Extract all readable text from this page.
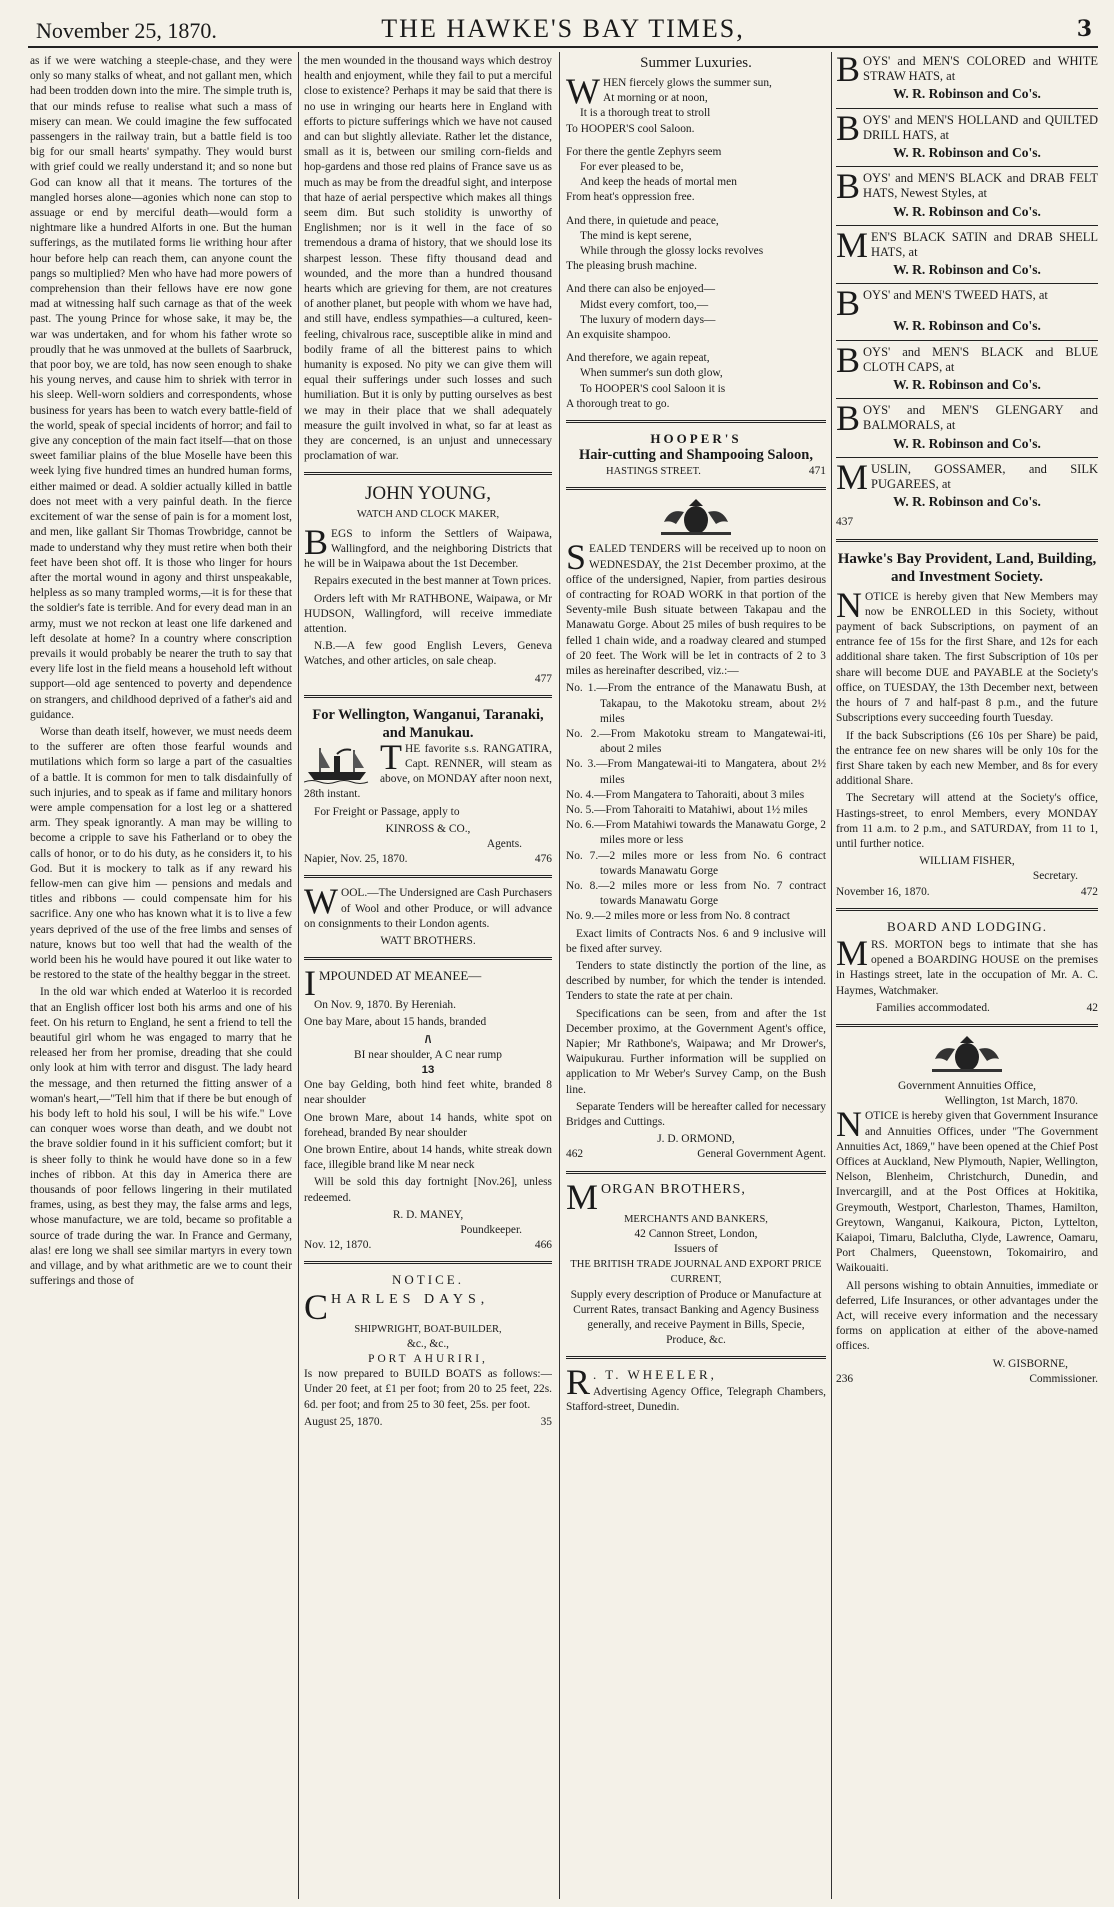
November 25, 1870.	THE HAWKE'S BAY TIMES,	3

as if we were watching a steeple-chase, and they were only so many stalks of wheat, and not gallant men, which had been trodden down into the mire. The simple truth is, that our minds refuse to realise what such a mass of misery can mean. We could imagine the few suffocated passengers in the railway train, but a battle field is too big for our small hearts' sympathy. They would burst with grief could we really understand it; and so none but God can know all that it means. The tortures of the mangled horses alone—agonies which none can stop to assuage or end by merciful death—would form a nightmare like a hundred Alforts in one. But the human sufferings, as the mutilated forms lie writhing hour after hour before help can reach them, can anyone count the pangs so multiplied? Men who have had more powers of comprehension than their fellows have ere now gone mad at witnessing half such carnage as that of the week past. The young Prince for whose sake, it may be, the war was undertaken, and for whom his father wrote so proudly that he was unmoved at the bullets of Saarbruck, that poor boy, we are told, has now seen enough to shake his young nerves, and cause him to shriek with terror in his sleep. Well-worn soldiers and correspondents, whose business for years has been to watch every battle-field of the world, speak of special incidents of horror; and fail to give any conception of the main fact itself—that on those sweet familiar plains of the blue Moselle have been this week lying five hundred times an hundred human forms, either maimed or dead. A soldier actually killed in battle does not meet with a very painful death. In the fierce excitement of war the sense of pain is for a moment lost, and men, like gallant Sir Thomas Trowbridge, cannot be made to understand why they must retire when both their feet have been shot off. It is those who linger for hours after the mortal wound in agony and thirst unspeakable, helpless as so many trampled worms,—it is for these that the soldier's fate is terrible. And for every dead man in an army, must we not reckon at least one life darkened and left desolate at home? In a country where conscription prevails it would probably be nearer the truth to say that every life lost in the field means a household left without support—old age sentenced to poverty and dependence on strangers, and childhood deprived of a father's aid and guidance.

Worse than death itself, however, we must needs deem to the sufferer are often those fearful wounds and mutilations which form so large a part of the casualties of a battle. It is common for men to talk disdainfully of such injuries, and to speak as if fame and military honors were ample compensation for a lost leg or a shattered arm. They speak ignorantly. A man may be willing to become a cripple to save his Fatherland or to obey the calls of honor, or to do his duty, as he considers it, to his God. But it is mockery to talk as if any reward his fellow-men can give him — pensions and medals and titles and ribbons — could compensate him for his sacrifice. Any one who has known what it is to live a few years deprived of the use of the free limbs and senses of nature, knows but too well that had the wealth of the world been his he would have poured it out like water to be restored to the state of the healthy beggar in the street.

In the old war which ended at Waterloo it is recorded that an English officer lost both his arms and one of his feet. On his return to England, he sent a friend to tell the beautiful girl whom he was engaged to marry that he released her from her promise, dreading that she could only look at him with terror and disgust. The lady heard the message, and then returned the fitting answer of a woman's heart,—"Tell him that if there be but enough of his body left to hold his soul, I will be his wife." Love can conquer woes worse than death, and we doubt not the brave soldier found in it his sufficient comfort; but it is sheer folly to think he would have done so in a few inches of ribbon. At this day in America there are thousands of poor fellows lingering in their mutilated frames, using, as best they may, the false arms and legs, whose manufacture, we are told, became so profitable a source of trade during the war. In France and Germany, alas! ere long we shall see similar martyrs in every town and village, and by what arithmetic are we to count their sufferings and those of

the men wounded in the thousand ways which destroy health and enjoyment, while they fail to put a merciful close to existence? Perhaps it may be said that there is no use in wringing our hearts here in England with efforts to picture sufferings which we have not caused and can but slightly alleviate. Rather let the distance, small as it is, between our smiling corn-fields and hop-gardens and those red plains of France save us as much as may be from the dreadful sight, and interpose that haze of aerial perspective which makes all things seem dim. But such stolidity is unworthy of Englishmen; nor is it well in the face of so tremendous a drama of history, that we should lose its sharpest lesson. These fifty thousand dead and wounded, and the more than a hundred thousand hearts which are grieving for them, are not creatures of another planet, but people with whom we have had, and still have, endless sympathies—a cultured, keen-feeling, chivalrous race, susceptible alike in mind and bodily frame of all the bitterest pains to which humanity is exposed. No pity we can give them will equal their sufferings under such losses and such humiliation. But it is only by putting ourselves as best we may in their place that we shall adequately measure the guilt involved in what, so far at least as they are concerned, is an unjust and unnecessary proclamation of war.

JOHN YOUNG,
WATCH AND CLOCK MAKER,

BEGS to inform the Settlers of Waipawa, Wallingford, and the neighboring Districts that he will be in Waipawa about the 1st December.

Repairs executed in the best manner at Town prices.

Orders left with Mr RATHBONE, Waipawa, or Mr HUDSON, Wallingford, will receive immediate attention.

N.B.—A few good English Levers, Geneva Watches, and other articles, on sale cheap.

477
For Wellington, Wanganui, Taranaki, and Manukau.

THE favorite s.s. RANGATIRA, Capt. RENNER, will steam as above, on MONDAY after noon next, 28th instant.

For Freight or Passage, apply to

KINROSS & CO.,
Agents.
Napier, Nov. 25, 1870.	476

WOOL.—The Undersigned are Cash Purchasers of Wool and other Produce, or will advance on consignments to their London agents.

WATT BROTHERS.

IMPOUNDED AT MEANEE—

On Nov. 9, 1870. By Hereniah.

One bay Mare, about 15 hands, branded

/\
BI near shoulder, A C near rump
13

One bay Gelding, both hind feet white, branded 8 near shoulder

One brown Mare, about 14 hands, white spot on forehead, branded By near shoulder

One brown Entire, about 14 hands, white streak down face, illegible brand like M near neck

Will be sold this day fortnight [Nov.26], unless redeemed.

R. D. MANEY,
Poundkeeper.
Nov. 12, 1870.	466
NOTICE.

CHARLES DAYS,

SHIPWRIGHT, BOAT-BUILDER,
&c., &c.,
PORT AHURIRI,

Is now prepared to BUILD BOATS as follows:—Under 20 feet, at £1 per foot; from 20 to 25 feet, 22s. 6d. per foot; and from 25 to 30 feet, 25s. per foot.

August 25, 1870.	35
Summer Luxuries.
W HEN fiercely glows the summer sun,
At morning or at noon,
It is a thorough treat to stroll
To HOOPER'S cool Saloon.
For there the gentle Zephyrs seem
For ever pleased to be,
And keep the heads of mortal men
From heat's oppression free.
And there, in quietude and peace,
The mind is kept serene,
While through the glossy locks revolves
The pleasing brush machine.
And there can also be enjoyed—
Midst every comfort, too,—
The luxury of modern days—
An exquisite shampoo.
And therefore, we again repeat,
When summer's sun doth glow,
To HOOPER'S cool Saloon it is
A thorough treat to go.
HOOPER'S
Hair-cutting and Shampooing Saloon,
HASTINGS STREET.	471

SEALED TENDERS will be received up to noon on WEDNESDAY, the 21st December proximo, at the office of the undersigned, Napier, from parties desirous of contracting for ROAD WORK in that portion of the Seventy-mile Bush situate between Takapau and the Manawatu Gorge. About 25 miles of bush requires to be felled 1 chain wide, and a roadway cleared and stumped of 20 feet. The Work will be let in contracts of 2 to 3 miles as hereinafter described, viz.:—

No. 1.—From the entrance of the Manawatu Bush, at Takapau, to the Makotoku stream, about 2½ miles
No. 2.—From Makotoku stream to Mangatewai-iti, about 2 miles
No. 3.—From Mangatewai-iti to Mangatera, about 2½ miles
No. 4.—From Mangatera to Tahoraiti, about 3 miles
No. 5.—From Tahoraiti to Matahiwi, about 1½ miles
No. 6.—From Matahiwi towards the Manawatu Gorge, 2 miles more or less
No. 7.—2 miles more or less from No. 6 contract towards Manawatu Gorge
No. 8.—2 miles more or less from No. 7 contract towards Manawatu Gorge
No. 9.—2 miles more or less from No. 8 contract

Exact limits of Contracts Nos. 6 and 9 inclusive will be fixed after survey.

Tenders to state distinctly the portion of the line, as described by number, for which the tender is intended. Tenders to state the rate at per chain.

Specifications can be seen, from and after the 1st December proximo, at the Government Agent's office, Napier; Mr Rathbone's, Waipawa; and Mr Drower's, Waipukurau. Further information will be supplied on application to Mr Weber's Survey Camp, on the Bush line.

Separate Tenders will be hereafter called for necessary Bridges and Cuttings.

J. D. ORMOND,
462	General Government Agent.

MORGAN BROTHERS,

MERCHANTS AND BANKERS,
42 Cannon Street, London,
Issuers of
THE BRITISH TRADE JOURNAL AND EXPORT PRICE CURRENT,

Supply every description of Produce or Manufacture at Current Rates, transact Banking and Agency Business generally, and receive Payment in Bills, Specie, Produce, &c.

R . T. WHEELER,
Advertising Agency Office, Telegraph Chambers, Stafford-street, Dunedin.

BOYS' and MEN'S COLORED and WHITE STRAW HATS, at

W. R. Robinson and Co's.

BOYS' and MEN'S HOLLAND and QUILTED DRILL HATS, at

W. R. Robinson and Co's.

BOYS' and MEN'S BLACK and DRAB FELT HATS, Newest Styles, at

W. R. Robinson and Co's.

MEN'S BLACK SATIN and DRAB SHELL HATS, at

W. R. Robinson and Co's.

BOYS' and MEN'S TWEED HATS, at

W. R. Robinson and Co's.

BOYS' and MEN'S BLACK and BLUE CLOTH CAPS, at

W. R. Robinson and Co's.

BOYS' and MEN'S GLENGARY and BALMORALS, at

W. R. Robinson and Co's.

MUSLIN, GOSSAMER, and SILK PUGAREES, at

W. R. Robinson and Co's.
437
Hawke's Bay Provident, Land, Building, and Investment Society.

NOTICE is hereby given that New Members may now be ENROLLED in this Society, without payment of back Subscriptions, on payment of an entrance fee of 15s for the first Share, and 12s for each additional share taken. The first Subscription of 10s per share will become DUE and PAYABLE at the Society's office, on TUESDAY, the 13th December next, between the hours of 7 and half-past 8 p.m., and the future Subscriptions every succeeding fourth Tuesday.

If the back Subscriptions (£6 10s per Share) be paid, the entrance fee on new shares will be only 10s for the first Share taken by each new Member, and 8s for every additional Share.

The Secretary will attend at the Society's office, Hastings-street, to enrol Members, every MONDAY from 11 a.m. to 2 p.m., and SATURDAY, from 11 to 1, until further notice.

WILLIAM FISHER,
Secretary.
November 16, 1870.	472
BOARD AND LODGING.

MRS. MORTON begs to intimate that she has opened a BOARDING HOUSE on the premises in Hastings street, late in the occupation of Mr. A. C. Haymes, Watchmaker.

Families accommodated.	42
Government Annuities Office,
Wellington, 1st March, 1870.

NOTICE is hereby given that Government Insurance and Annuities Offices, under "The Government Annuities Act, 1869," have been opened at the Chief Post Offices at Auckland, New Plymouth, Napier, Wellington, Nelson, Blenheim, Christchurch, Dunedin, and Invercargill, and at the Post Offices at Hokitika, Greymouth, Westport, Charleston, Thames, Hamilton, Greytown, Wanganui, Kaikoura, Picton, Lyttelton, Kaiapoi, Timaru, Balclutha, Clyde, Lawrence, Oamaru, Port Chalmers, Queenstown, Tokomairiro, and Waikouaiti.

All persons wishing to obtain Annuities, immediate or deferred, Life Insurances, or other advantages under the Act, will receive every information and the necessary forms on application at either of the above-named offices.

W. GISBORNE,
236	Commissioner.
